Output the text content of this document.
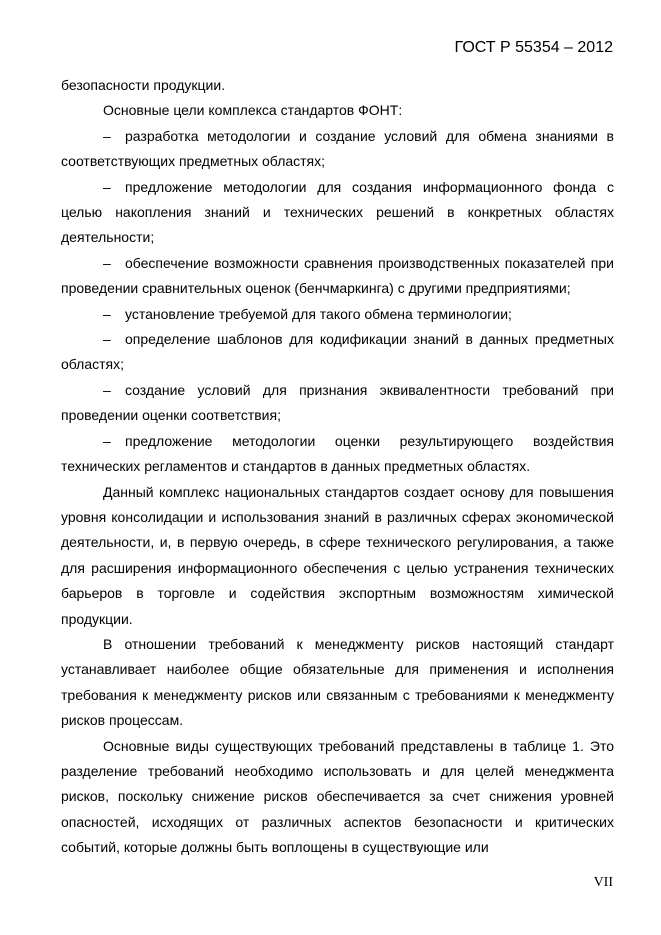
ГОСТ Р 55354 – 2012

безопасности продукции.

Основные цели комплекса стандартов ФОНТ:

– разработка методологии и создание условий для обмена знаниями в соответствующих предметных областях;

– предложение методологии для создания информационного фонда с целью накопления знаний и технических решений в конкретных областях деятельности;

– обеспечение возможности сравнения производственных показателей при проведении сравнительных оценок (бенчмаркинга) с другими предприятиями;

– установление требуемой для такого обмена терминологии;

– определение шаблонов для кодификации знаний в данных предметных областях;

– создание условий для признания эквивалентности требований при проведении оценки соответствия;

– предложение методологии оценки результирующего воздействия технических регламентов и стандартов в данных предметных областях.

Данный комплекс национальных стандартов создает основу для повышения уровня консолидации и использования знаний в различных сферах экономической деятельности, и, в первую очередь, в сфере технического регулирования, а также для расширения информационного обеспечения с целью устранения технических барьеров в торговле и содействия экспортным возможностям химической продукции.

В отношении требований к менеджменту рисков настоящий стандарт устанавливает наиболее общие обязательные для применения и исполнения требования к менеджменту рисков или связанным с требованиями к менеджменту рисков процессам.

Основные виды существующих требований представлены в таблице 1. Это разделение требований необходимо использовать и для целей менеджмента рисков, поскольку снижение рисков обеспечивается за счет снижения уровней опасностей, исходящих от различных аспектов безопасности и критических событий, которые должны быть воплощены в существующие или

VII
